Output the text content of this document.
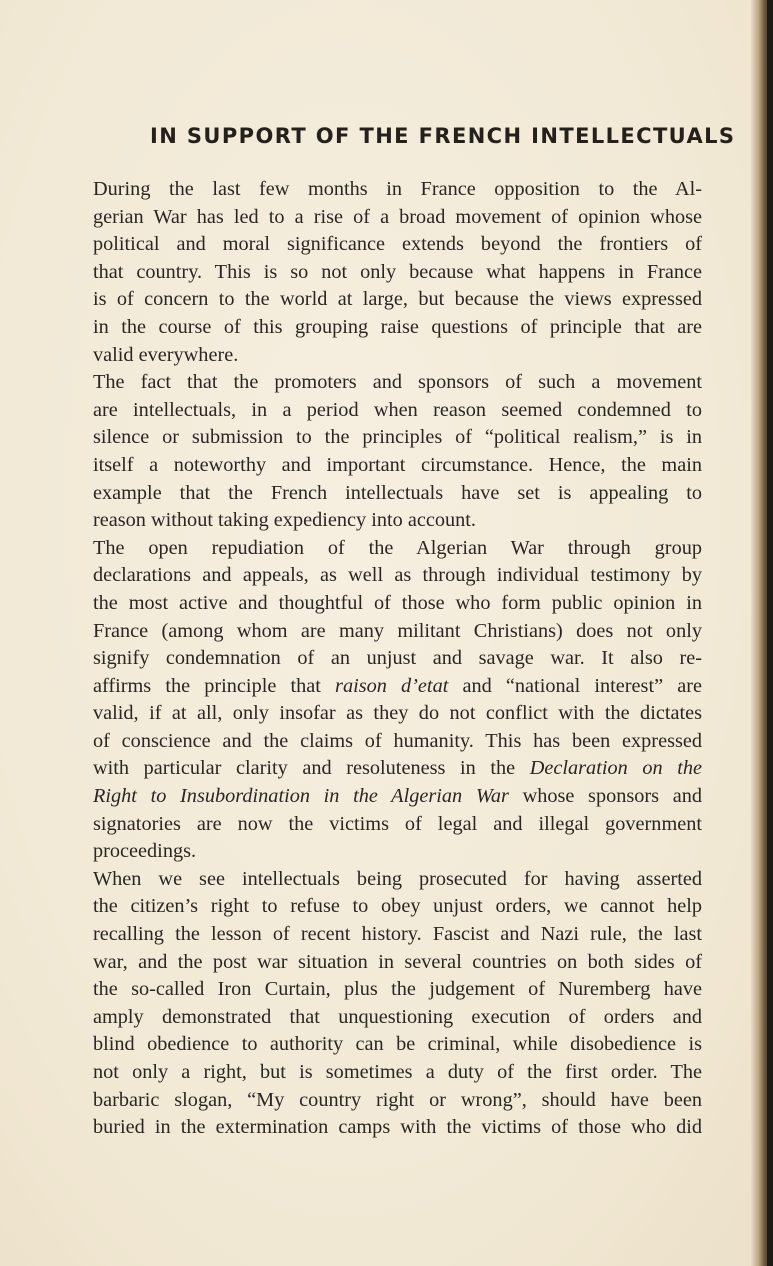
IN SUPPORT OF THE FRENCH INTELLECTUALS
During the last few months in France opposition to the Al-
gerian War has led to a rise of a broad movement of opinion whose
political and moral significance extends beyond the frontiers of
that country. This is so not only because what happens in France
is of concern to the world at large, but because the views expressed
in the course of this grouping raise questions of principle that are
valid everywhere.
The fact that the promoters and sponsors of such a movement
are intellectuals, in a period when reason seemed condemned to
silence or submission to the principles of “political realism,” is in
itself a noteworthy and important circumstance. Hence, the main
example that the French intellectuals have set is appealing to
reason without taking expediency into account.
The open repudiation of the Algerian War through group
declarations and appeals, as well as through individual testimony by
the most active and thoughtful of those who form public opinion in
France (among whom are many militant Christians) does not only
signify condemnation of an unjust and savage war. It also re-
affirms the principle that raison d’etat and “national interest” are
valid, if at all, only insofar as they do not conflict with the dictates
of conscience and the claims of humanity. This has been expressed
with particular clarity and resoluteness in the Declaration on the
Right to Insubordination in the Algerian War whose sponsors and
signatories are now the victims of legal and illegal government
proceedings.
When we see intellectuals being prosecuted for having asserted
the citizen’s right to refuse to obey unjust orders, we cannot help
recalling the lesson of recent history. Fascist and Nazi rule, the last
war, and the post war situation in several countries on both sides of
the so-called Iron Curtain, plus the judgement of Nuremberg have
amply demonstrated that unquestioning execution of orders and
blind obedience to authority can be criminal, while disobedience is
not only a right, but is sometimes a duty of the first order. The
barbaric slogan, “My country right or wrong”, should have been
buried in the extermination camps with the victims of those who did
